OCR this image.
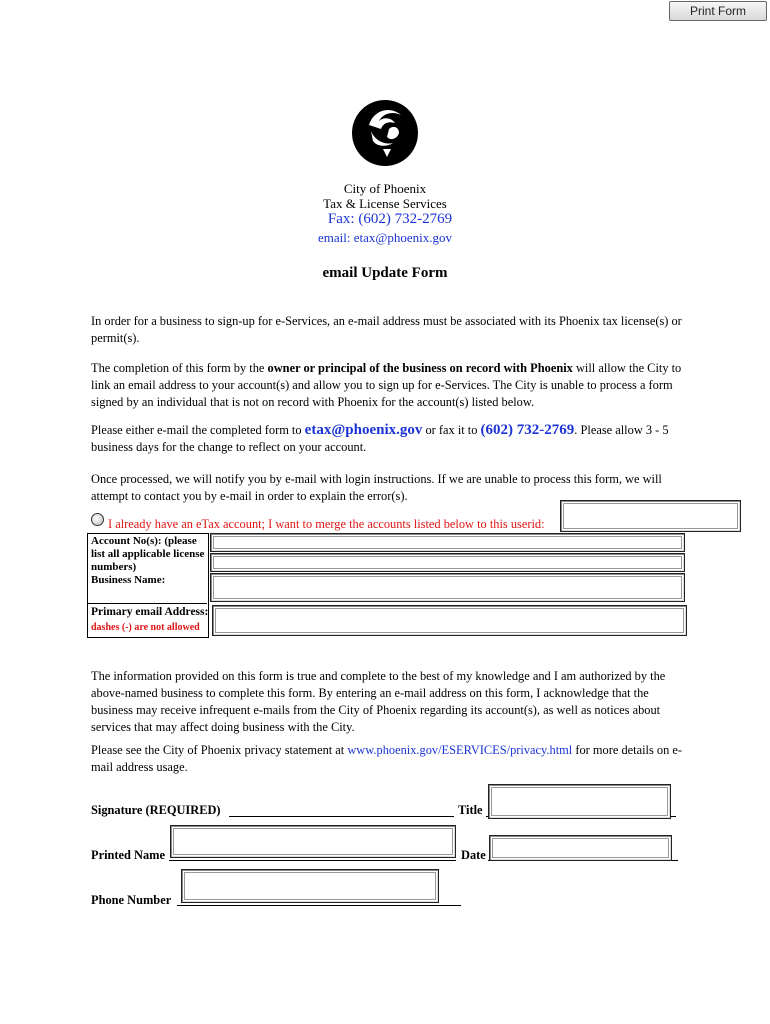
Print Form
City of Phoenix
Tax & License Services
Fax: (602) 732-2769
email: etax@phoenix.gov
email Update Form
In order for a business to sign-up for e-Services, an e-mail address must be associated with its Phoenix tax license(s) or permit(s).
The completion of this form by the owner or principal of the business on record with Phoenix will allow the City to link an email address to your account(s) and allow you to sign up for e-Services. The City is unable to process a form signed by an individual that is not on record with Phoenix for the account(s) listed below.
Please either e-mail the completed form to etax@phoenix.gov or fax it to (602) 732-2769. Please allow 3 - 5 business days for the change to reflect on your account.
Once processed, we will notify you by e-mail with login instructions. If we are unable to process this form, we will attempt to contact you by e-mail in order to explain the error(s).
I already have an eTax account; I want to merge the accounts listed below to this userid:
Account No(s): (please list all applicable license numbers)
Business Name:
Primary email Address:
dashes (-) are not allowed
The information provided on this form is true and complete to the best of my knowledge and I am authorized by the above-named business to complete this form. By entering an e-mail address on this form, I acknowledge that the business may receive infrequent e-mails from the City of Phoenix regarding its account(s), as well as notices about services that may affect doing business with the City.
Please see the City of Phoenix privacy statement at www.phoenix.gov/ESERVICES/privacy.html for more details on e-mail address usage.
Signature (REQUIRED)	Title
Printed Name	Date
Phone Number
